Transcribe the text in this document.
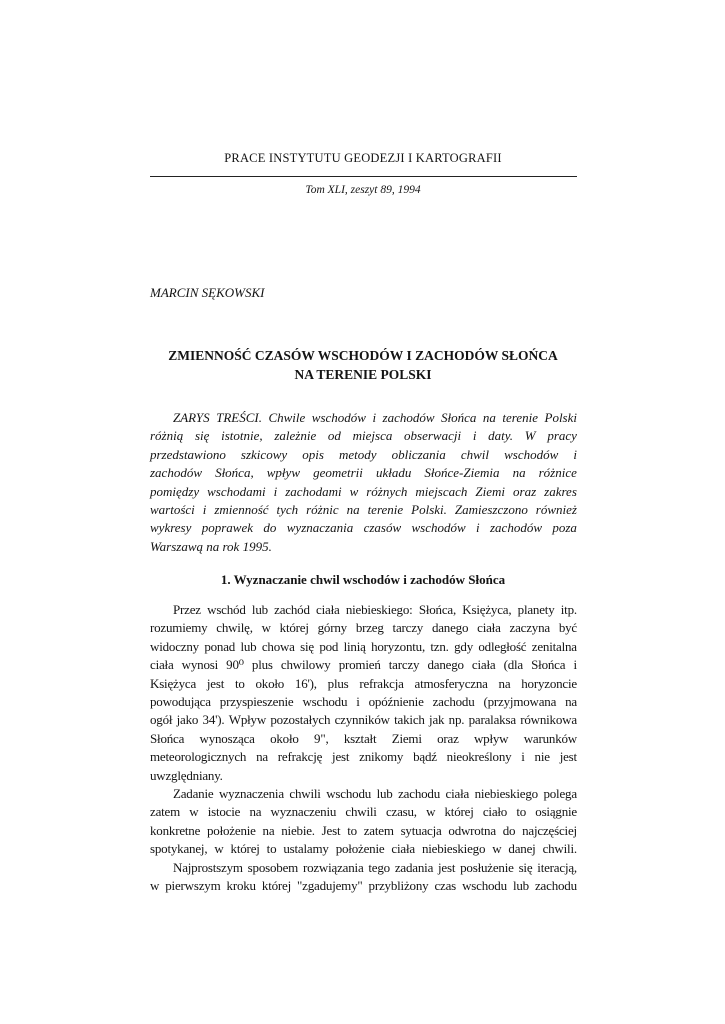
PRACE INSTYTUTU GEODEZJI I KARTOGRAFII
Tom XLI, zeszyt 89, 1994
MARCIN SĘKOWSKI
ZMIENNOŚĆ CZASÓW WSCHODÓW I ZACHODÓW SŁOŃCA
NA TERENIE POLSKI
ZARYS TREŚCI. Chwile wschodów i zachodów Słońca na terenie Polski
różnią się istotnie, zależnie od miejsca obserwacji i daty. W pracy
przedstawiono szkicowy opis metody obliczania chwil wschodów i
zachodów Słońca, wpływ geometrii układu Słońce-Ziemia na różnice
pomiędzy wschodami i zachodami w różnych miejscach Ziemi oraz zakres
wartości i zmienność tych różnic na terenie Polski. Zamieszczono również
wykresy poprawek do wyznaczania czasów wschodów i zachodów poza
Warszawą na rok 1995.
1. Wyznaczanie chwil wschodów i zachodów Słońca
Przez wschód lub zachód ciała niebieskiego: Słońca, Księżyca, planety itp.
rozumiemy chwilę, w której górny brzeg tarczy danego ciała zaczyna być
widoczny ponad lub chowa się pod linią horyzontu, tzn. gdy odległość zenitalna
ciała wynosi 90⁰ plus chwilowy promień tarczy danego ciała (dla Słońca i
Księżyca jest to około 16'), plus refrakcja atmosferyczna na horyzoncie
powodująca przyspieszenie wschodu i opóźnienie zachodu (przyjmowana na
ogół jako 34'). Wpływ pozostałych czynników takich jak np. paralaksa równikowa
Słońca wynosząca około 9", kształt Ziemi oraz wpływ warunków
meteorologicznych na refrakcję jest znikomy bądź nieokreślony i nie jest
uwzględniany.
Zadanie wyznaczenia chwili wschodu lub zachodu ciała niebieskiego polega
zatem w istocie na wyznaczeniu chwili czasu, w której ciało to osiągnie
konkretne położenie na niebie. Jest to zatem sytuacja odwrotna do najczęściej
spotykanej, w której to ustalamy położenie ciała niebieskiego w danej chwili.
Najprostszym sposobem rozwiązania tego zadania jest posłużenie się iteracją,
w pierwszym kroku której "zgadujemy" przybliżony czas wschodu lub zachodu
